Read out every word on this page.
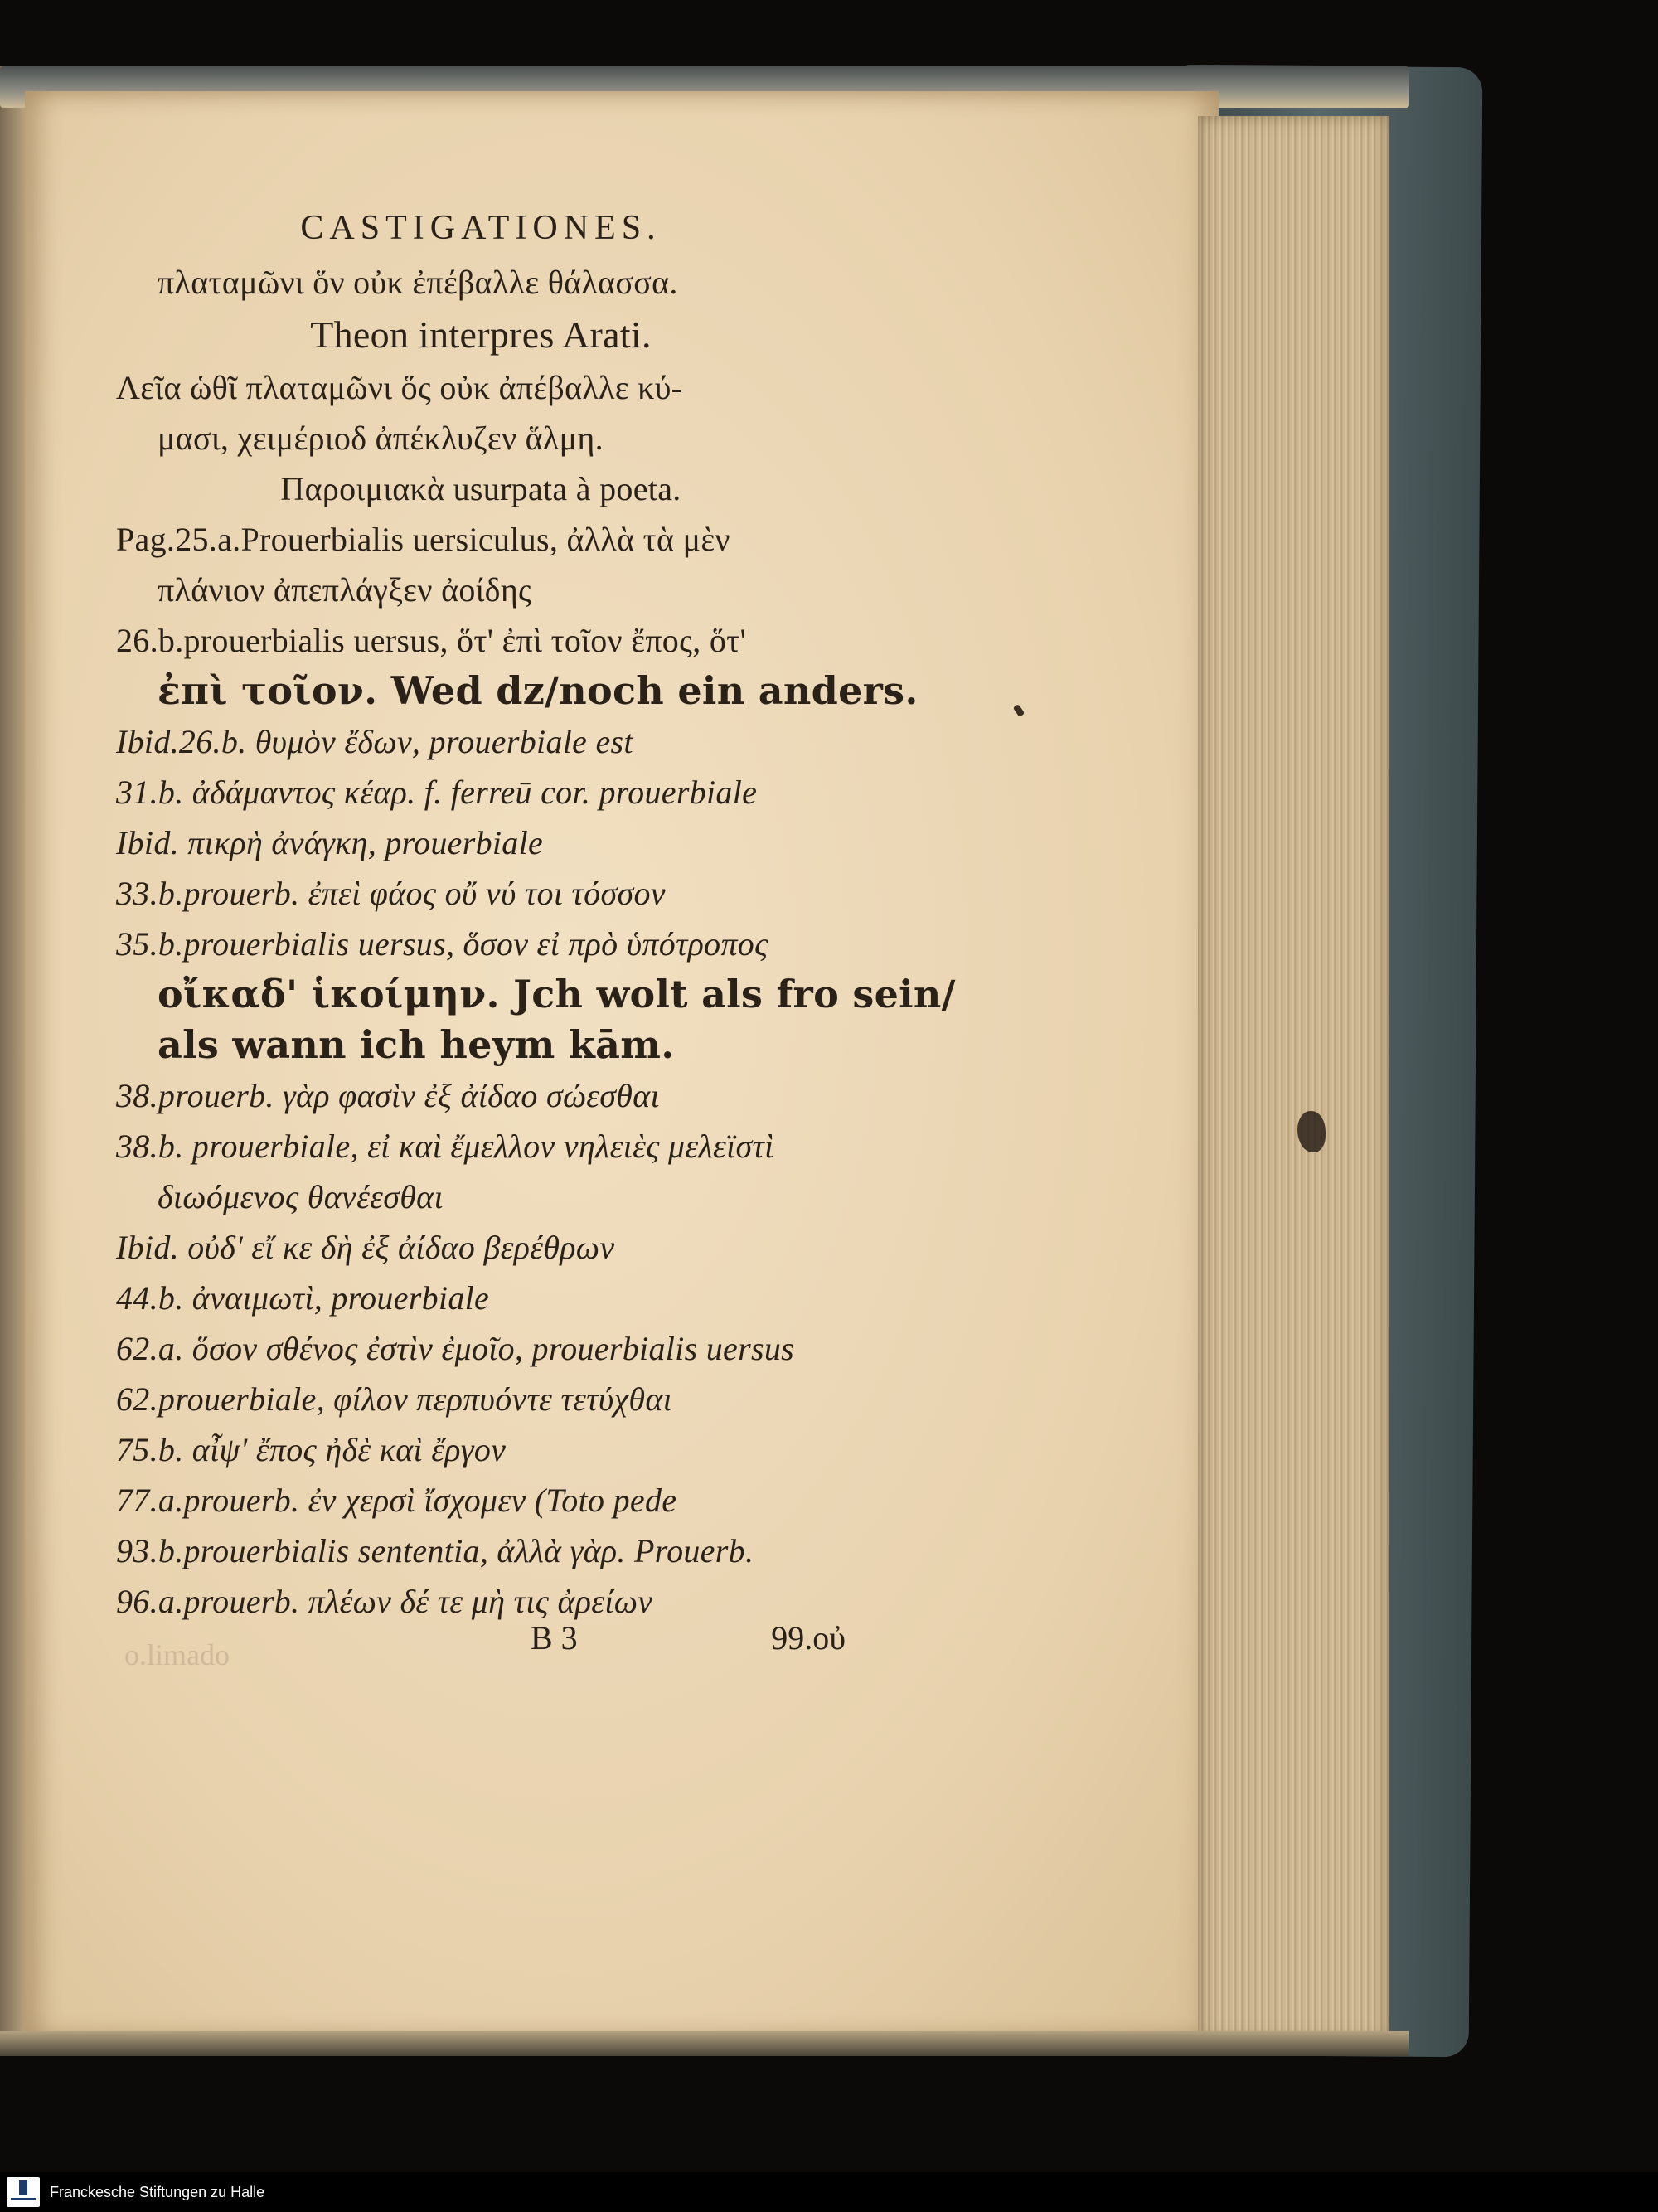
CASTIGATIONES.
πλαταμῶνι ὅν οὐκ ἐπέβαλλε θάλασσα.
Theon interpres Arati.
Λεῖα ὡθῖ πλαταμῶνι ὅς οὐκ ἀπέβαλλε κύ-
μασι, χειμέριοδ ἀπέκλυζεν ἅλμη.
Παροιμιακὰ usurpata à poeta.
Pag.25.a.Prouerbialis uersiculus, ἀλλὰ τὰ μὲν
πλάνιον ἀπεπλάγξεν ἀοίδης
26.b.prouerbialis uersus, ὅτ' ἐπὶ τοῖον ἔπος, ὅτ'
ἐπὶ τοῖον. Wed dz/noch ein anders.
Ibid.26.b. θυμὸν ἔδων, prouerbiale est
31.b. ἀδάμαντος κέαρ. f. ferreū cor. prouerbiale
Ibid. πικρὴ ἀνάγκη, prouerbiale
33.b.prouerb. ἐπεὶ φάος οὔ νύ τοι τόσσον
35.b.prouerbialis uersus, ὅσον εἰ πρὸ ὑπότροπος
οἴκαδ' ἱκοίμην. Jch wolt als fro sein/
als wann ich heym kām.
38.prouerb. γὰρ φασὶν ἐξ ἀίδαο σώεσθαι
38.b. prouerbiale, εἰ καὶ ἔμελλον νηλειὲς μελεϊστὶ
διωόμενος θανέεσθαι
Ibid. οὐδ' εἴ κε δὴ ἐξ ἀίδαο βερέθρων
44.b. ἀναιμωτὶ, prouerbiale
62.a. ὅσον σθένος ἐστὶν ἐμοῖο, prouerbialis uersus
62.prouerbiale, φίλον περπυόντε τετύχθαι
75.b. αἶψ' ἔπος ἠδὲ καὶ ἔργον
77.a.prouerb. ἐν χερσὶ ἴσχομεν (Toto pede
93.b.prouerbialis sententia, ἀλλὰ γὰρ. Prouerb.
96.a.prouerb. πλέων δέ τε μὴ τις ἀρείων
o.limado	B 3	99.οὐ
Franckesche Stiftungen zu Halle
